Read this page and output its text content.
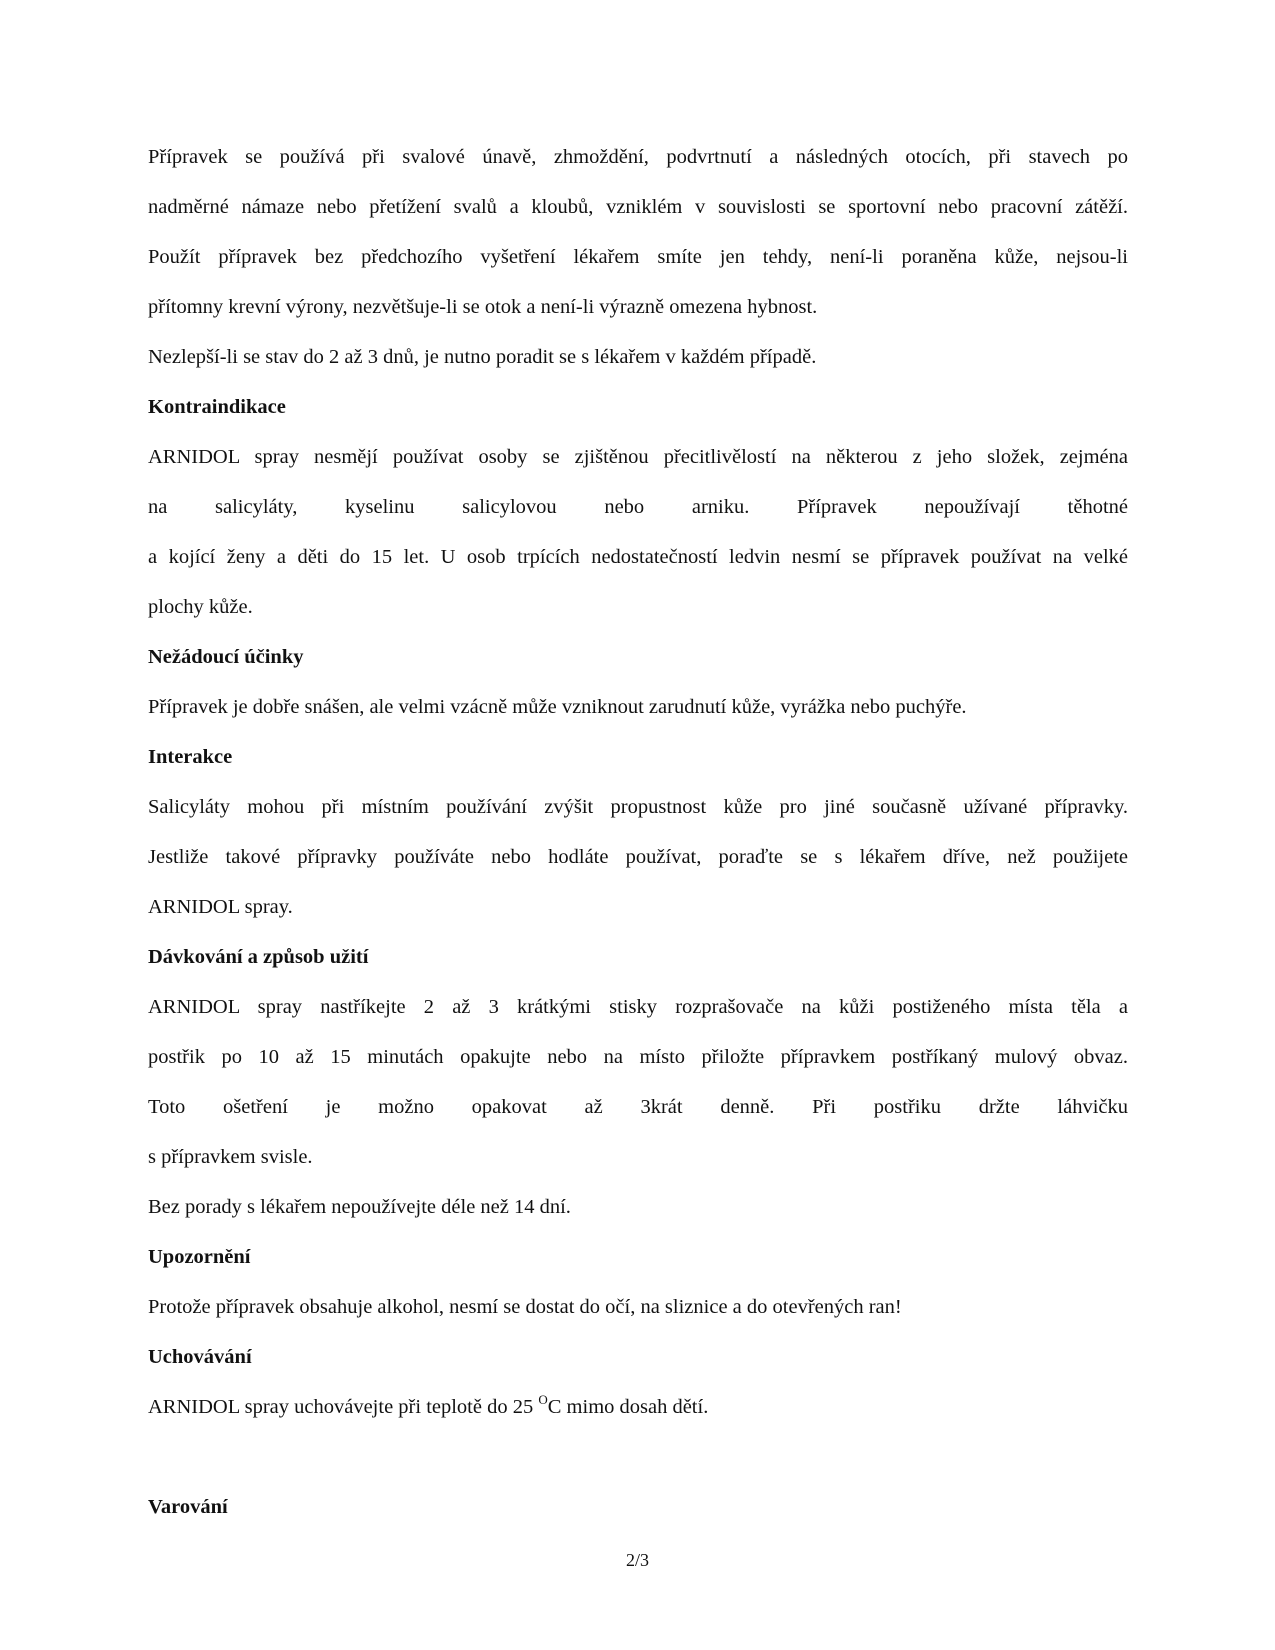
Přípravek se používá při svalové únavě, zhmoždění, podvrtnutí a následných otocích, při stavech po
nadměrné námaze nebo přetížení svalů a kloubů, vzniklém v souvislosti se sportovní nebo pracovní zátěží.
Použít přípravek bez předchozího vyšetření lékařem smíte jen tehdy, není-li poraněna kůže, nejsou-li
přítomny krevní výrony, nezvětšuje-li se otok a není-li výrazně omezena hybnost.
Nezlepší-li se stav do 2 až 3 dnů, je nutno poradit se s lékařem v každém případě.
Kontraindikace
ARNIDOL spray nesmějí používat osoby se zjištěnou přecitlivělostí na některou z jeho složek, zejména
na salicyláty, kyselinu salicylovou nebo arniku. Přípravek nepoužívají těhotné
a kojící ženy a děti do 15 let. U osob trpících nedostatečností ledvin nesmí se přípravek používat na velké
plochy kůže.
Nežádoucí účinky
Přípravek je dobře snášen, ale velmi vzácně může vzniknout zarudnutí kůže, vyrážka nebo puchýře.
Interakce
Salicyláty mohou při místním používání zvýšit propustnost kůže pro jiné současně užívané přípravky.
Jestliže takové přípravky používáte nebo hodláte používat, poraďte se s lékařem dříve, než použijete
ARNIDOL spray.
Dávkování a způsob užití
ARNIDOL spray nastříkejte 2 až 3 krátkými stisky rozprašovače na kůži postiženého místa těla a
postřik po 10 až 15 minutách opakujte nebo na místo přiložte přípravkem postříkaný mulový obvaz.
Toto ošetření je možno opakovat až 3krát denně. Při postřiku držte láhvičku
s přípravkem svisle.
Bez porady s lékařem nepoužívejte déle než 14 dní.
Upozornění
Protože přípravek obsahuje alkohol, nesmí se dostat do očí, na sliznice a do otevřených ran!
Uchovávání
ARNIDOL spray uchovávejte při teplotě do 25 $^O$C mimo dosah dětí.
Varování
2/3
